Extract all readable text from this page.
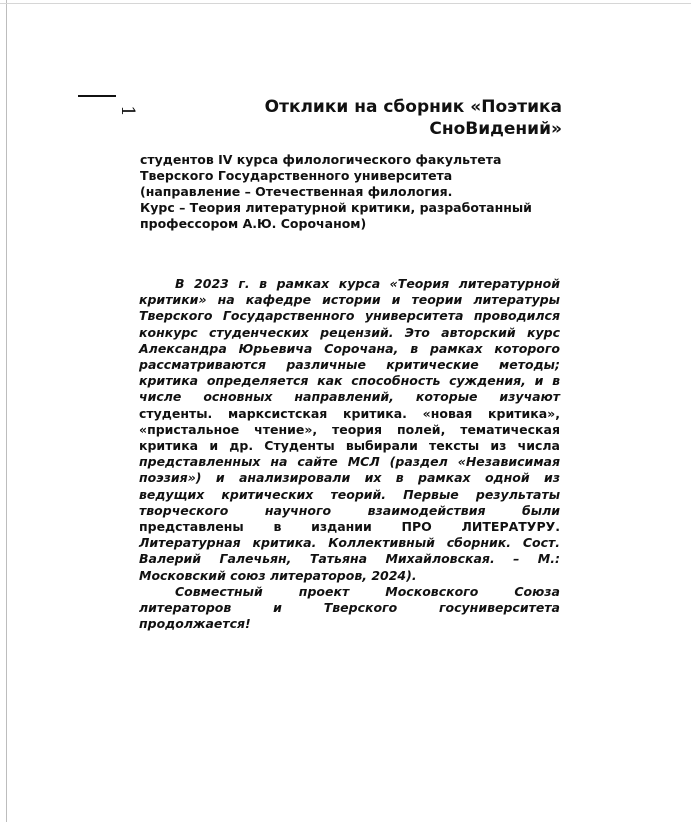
1	Отклики на сборник «Поэтика
СноВидений»
студентов IV курса филологического факультета
Тверского Государственного университета
(направление – Отечественная филология.
Курс – Теория литературной критики, разработанный
профессором А.Ю. Сорочаном)
В 2023 г. в рамках курса «Теория литературной
критики» на кафедре истории и теории литературы
Тверского Государственного университета проводился
конкурс студенческих рецензий. Это авторский курс
Александра Юрьевича Сорочана, в рамках которого
рассматриваются различные критические методы;
критика определяется как способность суждения, и в
числе основных направлений, которые изучают
студенты. марксистская критика. «новая критика»,
«пристальное чтение», теория полей, тематическая
критика и др. Студенты выбирали тексты из числа
представленных на сайте МСЛ (раздел «Независимая
поэзия») и анализировали их в рамках одной из
ведущих критических теорий. Первые результаты
творческого научного взаимодействия были
представлены в издании ПРО ЛИТЕРАТУРУ.
Литературная критика. Коллективный сборник. Сост.
Валерий Галечьян, Татьяна Михайловская. – М.:
Московский союз литераторов, 2024).
Совместный проект Московского Союза
литераторов и Тверского госуниверситета
продолжается!
